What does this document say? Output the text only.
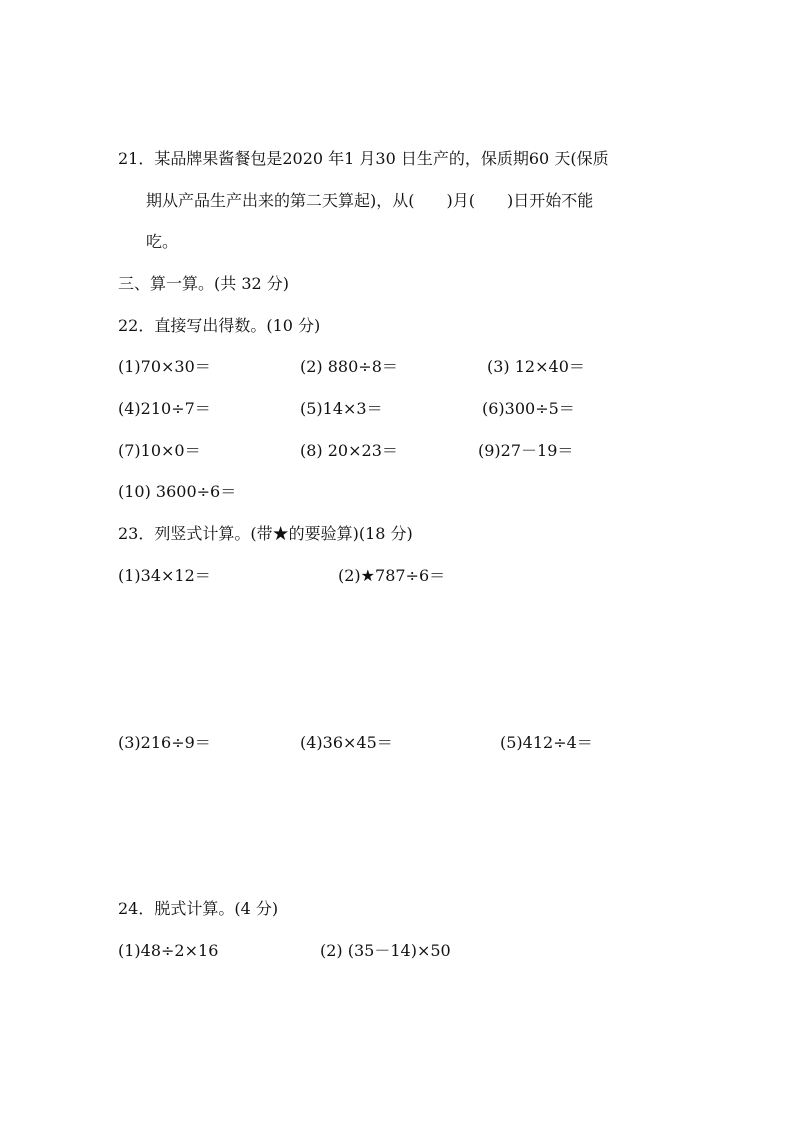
21．某品牌果酱餐包是2020 年1 月30 日生产的，保质期60 天(保质
期从产品生产出来的第二天算起)，从(　　)月(　　)日开始不能
吃。
三、算一算。(共 32 分)
22．直接写出得数。(10 分)
(1)70×30＝	(2) 880÷8＝	(3) 12×40＝
(4)210÷7＝	(5)14×3＝	(6)300÷5＝
(7)10×0＝	(8) 20×23＝	(9)27－19＝
(10) 3600÷6＝
23．列竖式计算。(带★的要验算)(18 分)
(1)34×12＝	(2)★787÷6＝
(3)216÷9＝	(4)36×45＝	(5)412÷4＝
24．脱式计算。(4 分)
(1)48÷2×16	(2) (35－14)×50
